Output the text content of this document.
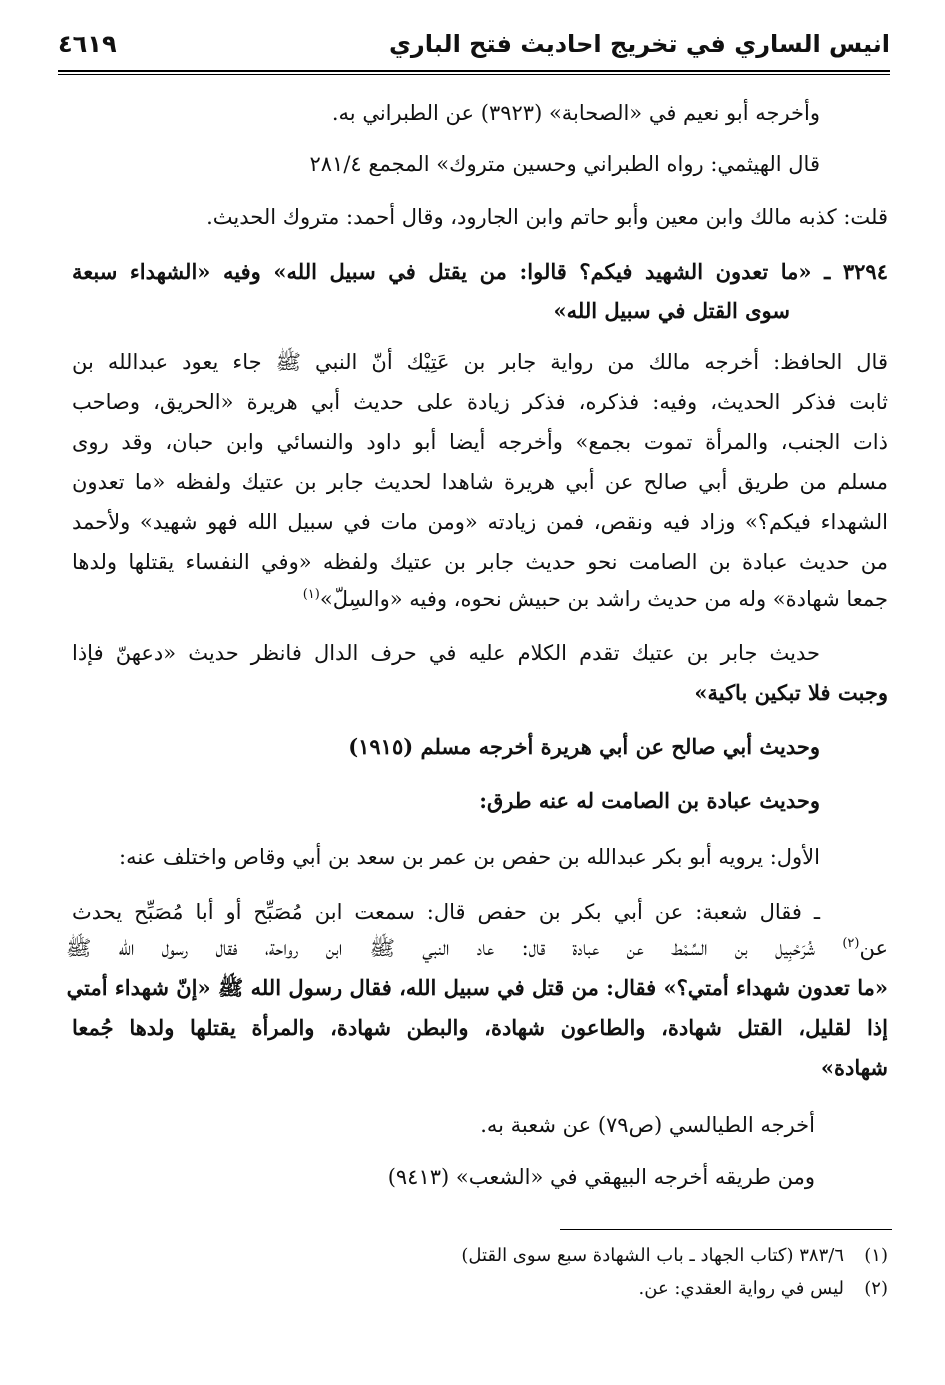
انيس الساري في تخريج احاديث فتح الباري
٤٦١٩
وأخرجه أبو نعيم في «الصحابة» (٣٩٢٣) عن الطبراني به.
قال الهيثمي: رواه الطبراني وحسين متروك» المجمع ٢٨١/٤
قلت: كذبه مالك وابن معين وأبو حاتم وابن الجارود، وقال أحمد: متروك الحديث.
٣٢٩٤ ـ «ما تعدون الشهيد فيكم؟ قالوا: من يقتل في سبيل الله» وفيه «الشهداء سبعة
سوى القتل في سبيل الله»
قال الحافظ: أخرجه مالك من رواية جابر بن عَتِيْك أنّ النبي ﷺ جاء يعود عبدالله بن
ثابت فذكر الحديث، وفيه: فذكره، فذكر زيادة على حديث أبي هريرة «الحريق، وصاحب
ذات الجنب، والمرأة تموت بجمع» وأخرجه أيضا أبو داود والنسائي وابن حبان، وقد روى
مسلم من طريق أبي صالح عن أبي هريرة شاهدا لحديث جابر بن عتيك ولفظه «ما تعدون
الشهداء فيكم؟» وزاد فيه ونقص، فمن زيادته «ومن مات في سبيل الله فهو شهيد» ولأحمد
من حديث عبادة بن الصامت نحو حديث جابر بن عتيك ولفظه «وفي النفساء يقتلها ولدها
جمعا شهادة» وله من حديث راشد بن حبيش نحوه، وفيه «والسِلّ»$^{(١)}$
حديث جابر بن عتيك تقدم الكلام عليه في حرف الدال فانظر حديث «دعهنّ فإذا
وجبت فلا تبكين باكية»
وحديث أبي صالح عن أبي هريرة أخرجه مسلم (١٩١٥)
وحديث عبادة بن الصامت له عنه طرق:
الأول: يرويه أبو بكر عبدالله بن حفص بن عمر بن سعد بن أبي وقاص واختلف عنه:
ـ فقال شعبة: عن أبي بكر بن حفص قال: سمعت ابن مُصَبِّح أو أبا مُصَبِّح يحدث
عن$^{(٢)}$ شُرَحْبِيل بن السِّمْط عن عبادة قال: عاد النبي ﷺ ابن رواحة، فقال رسول الله ﷺ
«ما تعدون شهداء أمتي؟» فقال: من قتل في سبيل الله، فقال رسول الله ﷺ «إنّ شهداء أمتي
إذا لقليل، القتل شهادة، والطاعون شهادة، والبطن شهادة، والمرأة يقتلها ولدها جُمعا
شهادة»
أخرجه الطيالسي (ص٧٩) عن شعبة به.
ومن طريقه أخرجه البيهقي في «الشعب» (٩٤١٣)
(١)٣٨٣/٦ (كتاب الجهاد ـ باب الشهادة سبع سوى القتل)
(٢)ليس في رواية العقدي: عن.
